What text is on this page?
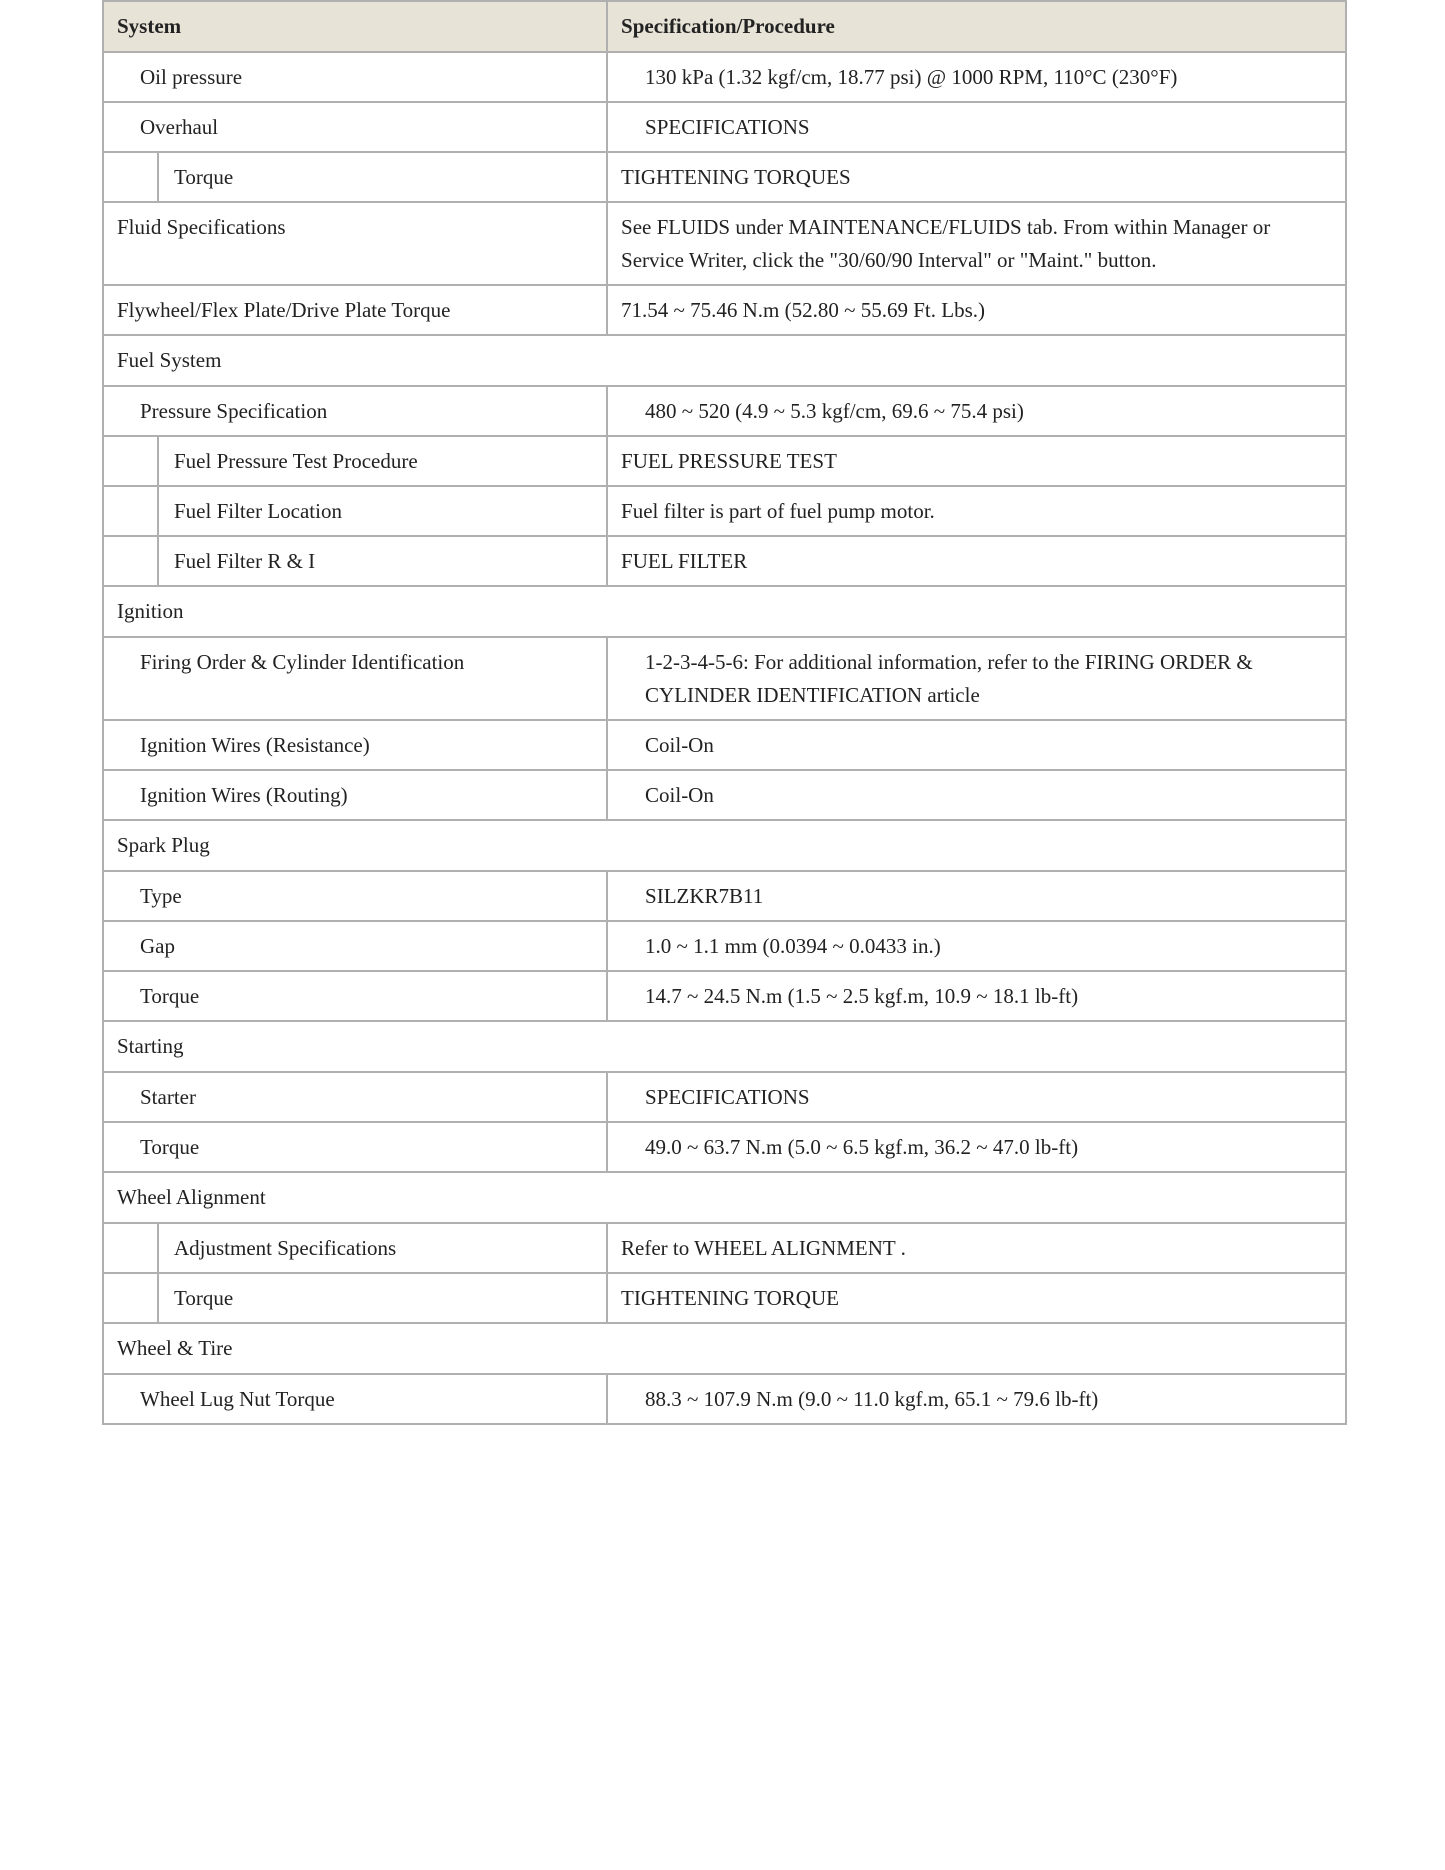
System		Specification/Procedure
Oil pressure		130 kPa (1.32 kgf/cm, 18.77 psi) @ 1000 RPM, 110°C (230°F)
Overhaul		SPECIFICATIONS
	Torque	TIGHTENING TORQUES
Fluid Specifications		See FLUIDS under MAINTENANCE/FLUIDS tab. From within Manager or Service Writer, click the "30/60/90 Interval" or "Maint." button.
Flywheel/Flex Plate/Drive Plate Torque		71.54 ~ 75.46 N.m (52.80 ~ 55.69 Ft. Lbs.)
Fuel System		
Pressure Specification		480 ~ 520 (4.9 ~ 5.3 kgf/cm, 69.6 ~ 75.4 psi)
	Fuel Pressure Test Procedure	FUEL PRESSURE TEST
	Fuel Filter Location	Fuel filter is part of fuel pump motor.
	Fuel Filter R & I	FUEL FILTER
Ignition		
Firing Order & Cylinder Identification		1-2-3-4-5-6: For additional information, refer to the FIRING ORDER & CYLINDER IDENTIFICATION article
Ignition Wires (Resistance)		Coil-On
Ignition Wires (Routing)		Coil-On
Spark Plug		
Type		SILZKR7B11
Gap		1.0 ~ 1.1 mm (0.0394 ~ 0.0433 in.)
Torque		14.7 ~ 24.5 N.m (1.5 ~ 2.5 kgf.m, 10.9 ~ 18.1 lb-ft)
Starting		
Starter		SPECIFICATIONS
Torque		49.0 ~ 63.7 N.m (5.0 ~ 6.5 kgf.m, 36.2 ~ 47.0 lb-ft)
Wheel Alignment		
	Adjustment Specifications	Refer to WHEEL ALIGNMENT .
	Torque	TIGHTENING TORQUE
Wheel & Tire		
Wheel Lug Nut Torque		88.3 ~ 107.9 N.m (9.0 ~ 11.0 kgf.m, 65.1 ~ 79.6 lb-ft)
